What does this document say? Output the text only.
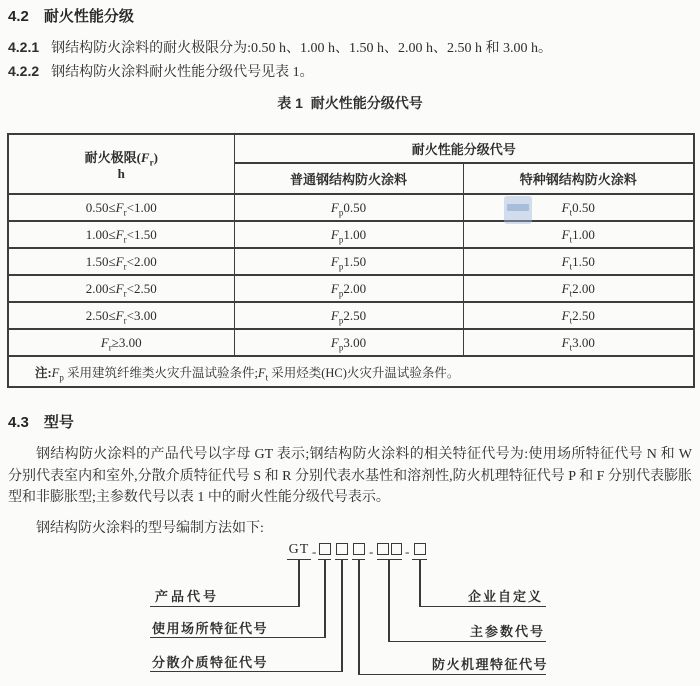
4.2 耐火性能分级
4.2.1 钢结构防火涂料的耐火极限分为:0.50 h、1.00 h、1.50 h、2.00 h、2.50 h 和 3.00 h。
4.2.2 钢结构防火涂料耐火性能分级代号见表 1。
表 1  耐火性能分级代号
耐火极限$(F_r)$
h	耐火性能分级代号	
	普通钢结构防火涂料	特种钢结构防火涂料
$0.50\le F_r<1.00$	$F_p0.50$	$F_t0.50$
$1.00\le F_r<1.50$	$F_p1.00$	$F_t1.00$
$1.50\le F_r<2.00$	$F_p1.50$	$F_t1.50$
$2.00\le F_r<2.50$	$F_p2.00$	$F_t2.00$
$2.50\le F_r<3.00$	$F_p2.50$	$F_t2.50$
$F_r\ge 3.00$	$F_p3.00$	$F_t3.00$
注$:F_p$ 采用建筑纤维类火灾升温试验条件$;F_t$ 采用烃类(HC)火灾升温试验条件。		
4.3 型号
钢结构防火涂料的产品代号以字母 GT 表示;钢结构防火涂料的相关特征代号为:使用场所特征代号 N 和 W 分别代表室内和室外,分散介质特征代号 S 和 R 分别代表水基性和溶剂性,防火机理特征代号 P 和 F 分别代表膨胀型和非膨胀型;主参数代号以表 1 中的耐火性能分级代号表示。
钢结构防火涂料的型号编制方法如下:
GT -	- -
产品代号
使用场所特征代号
分散介质特征代号
企业自定义
主参数代号
防火机理特征代号
